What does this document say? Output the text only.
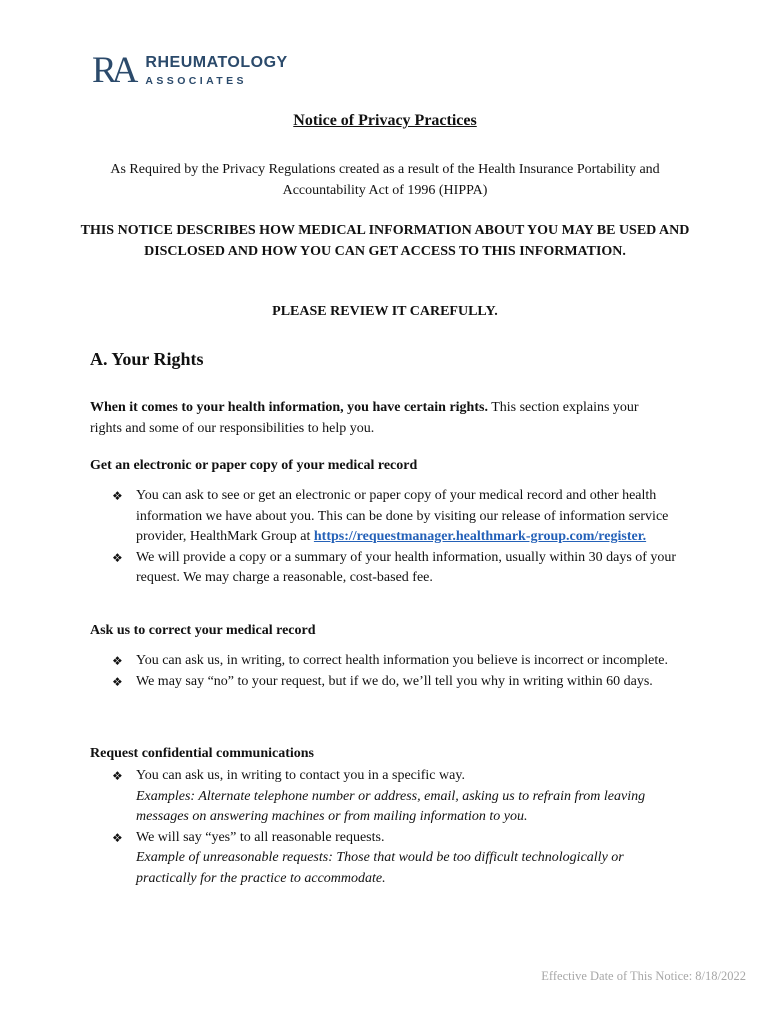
RA RHEUMATOLOGY
ASSOCIATES
Notice of Privacy Practices
As Required by the Privacy Regulations created as a result of the Health Insurance Portability and Accountability Act of 1996 (HIPPA)
THIS NOTICE DESCRIBES HOW MEDICAL INFORMATION ABOUT YOU MAY BE USED AND DISCLOSED AND HOW YOU CAN GET ACCESS TO THIS INFORMATION.
PLEASE REVIEW IT CAREFULLY.
A. Your Rights
When it comes to your health information, you have certain rights. This section explains your rights and some of our responsibilities to help you.
Get an electronic or paper copy of your medical record
❖ You can ask to see or get an electronic or paper copy of your medical record and other health information we have about you. This can be done by visiting our release of information service provider, HealthMark Group at https://requestmanager.healthmark-group.com/register.
❖ We will provide a copy or a summary of your health information, usually within 30 days of your request. We may charge a reasonable, cost-based fee.
Ask us to correct your medical record
❖ You can ask us, in writing, to correct health information you believe is incorrect or incomplete.
❖ We may say “no” to your request, but if we do, we’ll tell you why in writing within 60 days.
Request confidential communications
❖ You can ask us, in writing to contact you in a specific way.
Examples: Alternate telephone number or address, email, asking us to refrain from leaving messages on answering machines or from mailing information to you.
❖ We will say “yes” to all reasonable requests.
Example of unreasonable requests: Those that would be too difficult technologically or practically for the practice to accommodate.
Effective Date of This Notice: 8/18/2022
